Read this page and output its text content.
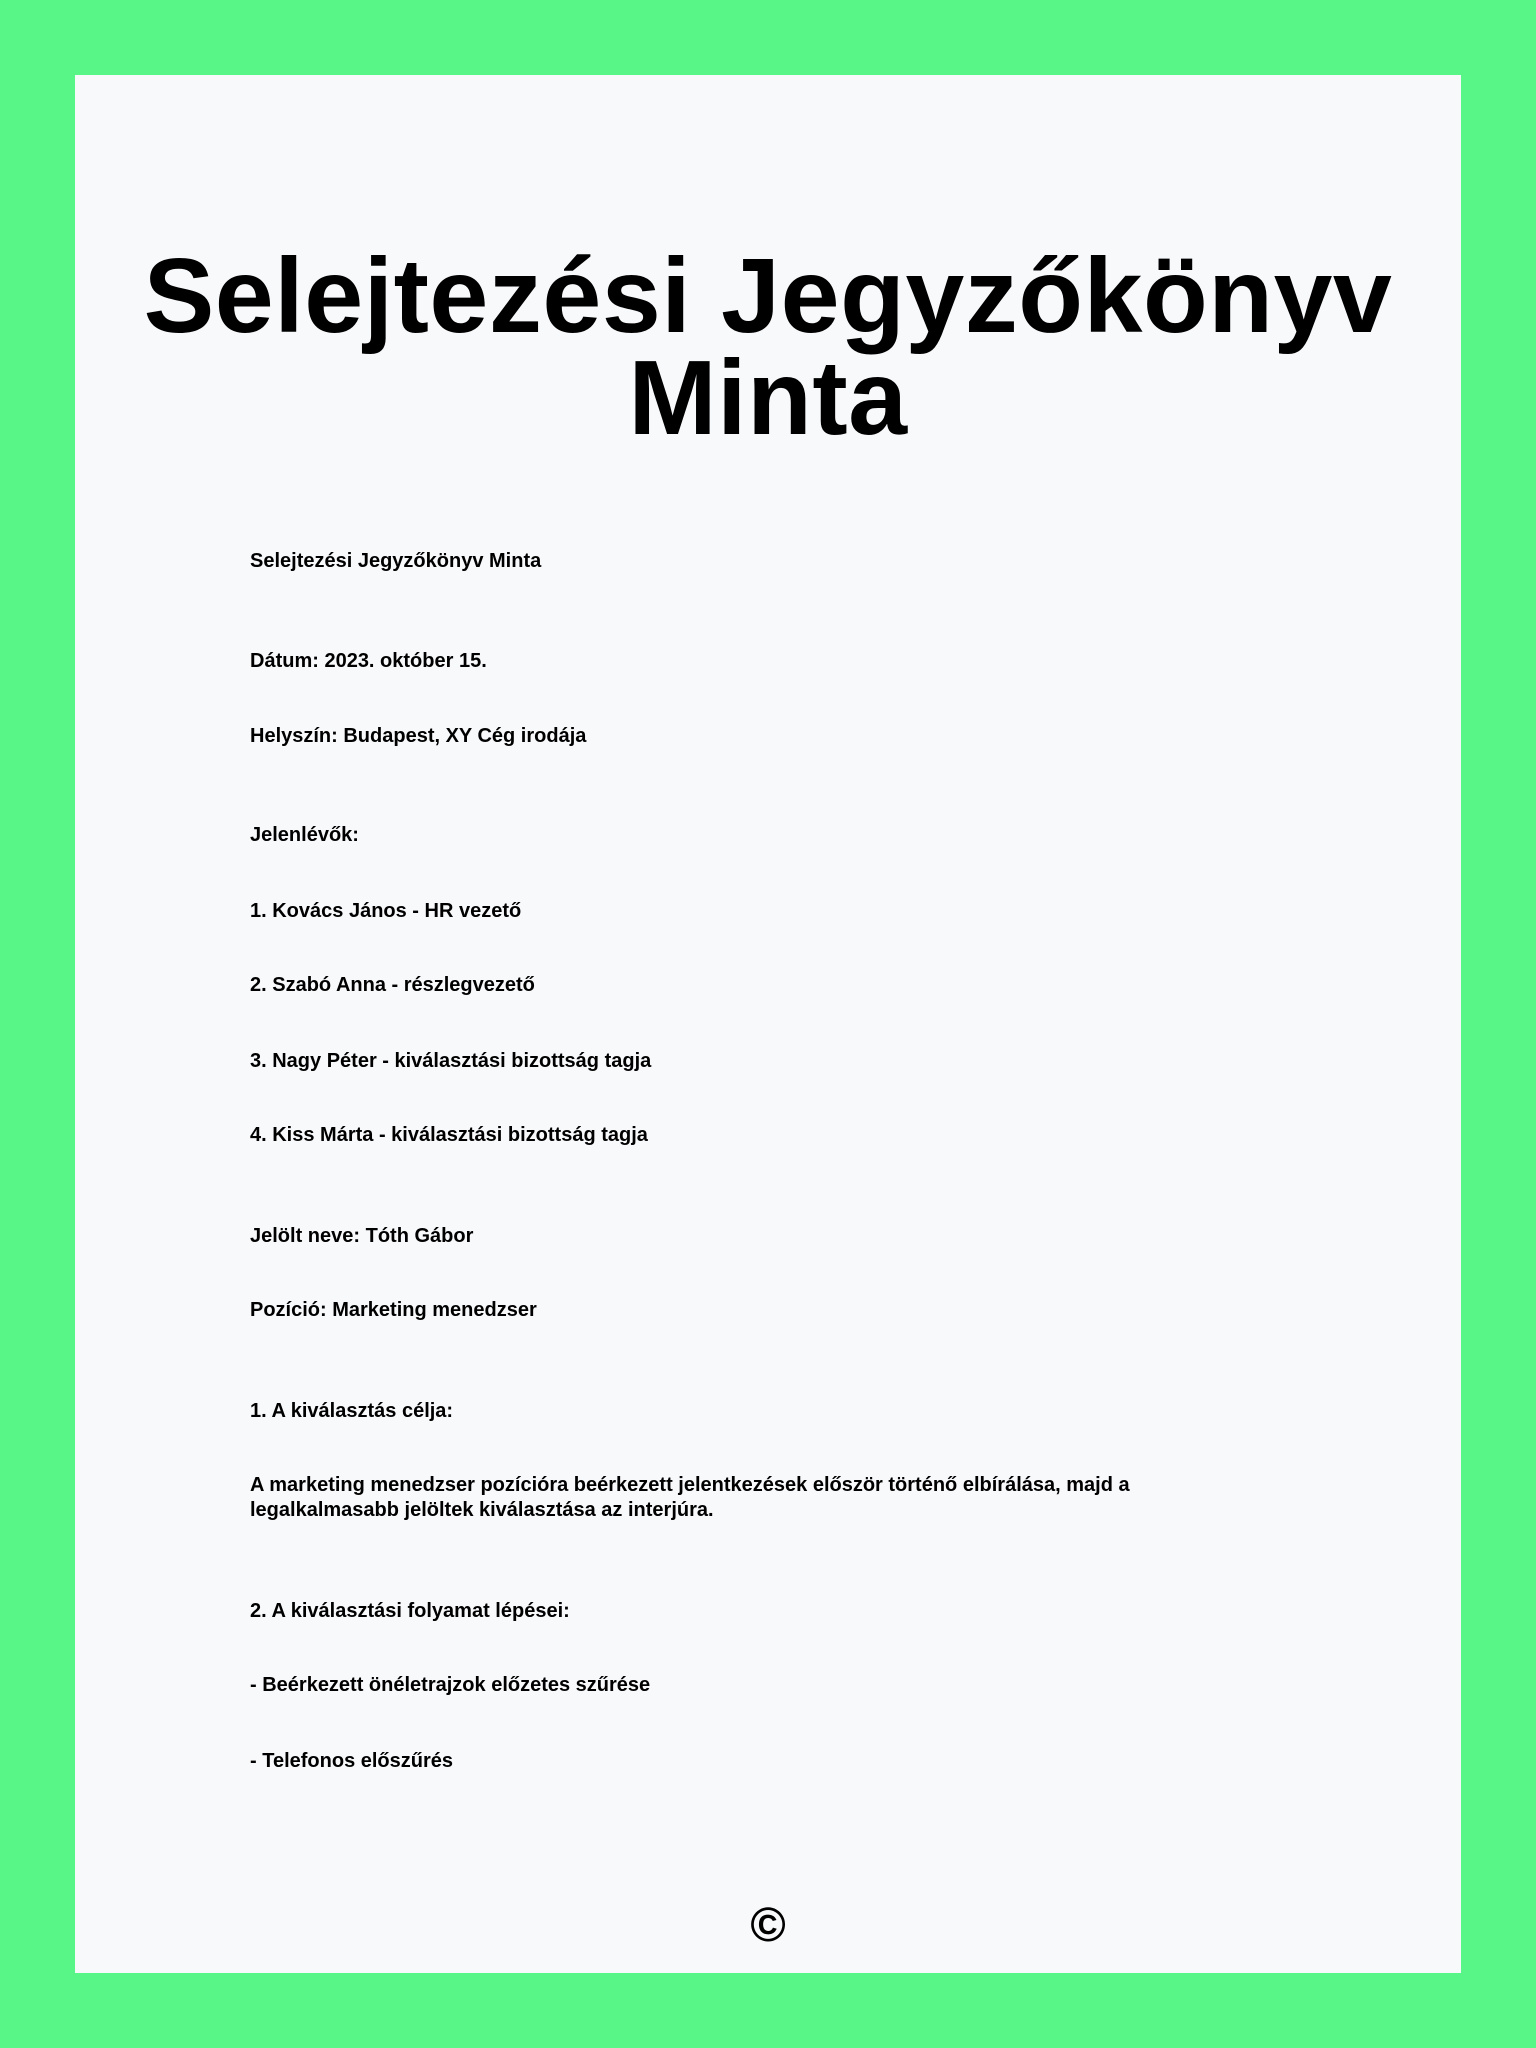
Selejtezési Jegyzőkönyv Minta
Selejtezési Jegyzőkönyv Minta
Dátum: 2023. október 15.
Helyszín: Budapest, XY Cég irodája
Jelenlévők:
1. Kovács János - HR vezető
2. Szabó Anna - részlegvezető
3. Nagy Péter - kiválasztási bizottság tagja
4. Kiss Márta - kiválasztási bizottság tagja
Jelölt neve: Tóth Gábor
Pozíció: Marketing menedzser
1. A kiválasztás célja:
A marketing menedzser pozícióra beérkezett jelentkezések először történő elbírálása, majd a legalkalmasabb jelöltek kiválasztása az interjúra.
2. A kiválasztási folyamat lépései:
- Beérkezett önéletrajzok előzetes szűrése
- Telefonos előszűrés
©
